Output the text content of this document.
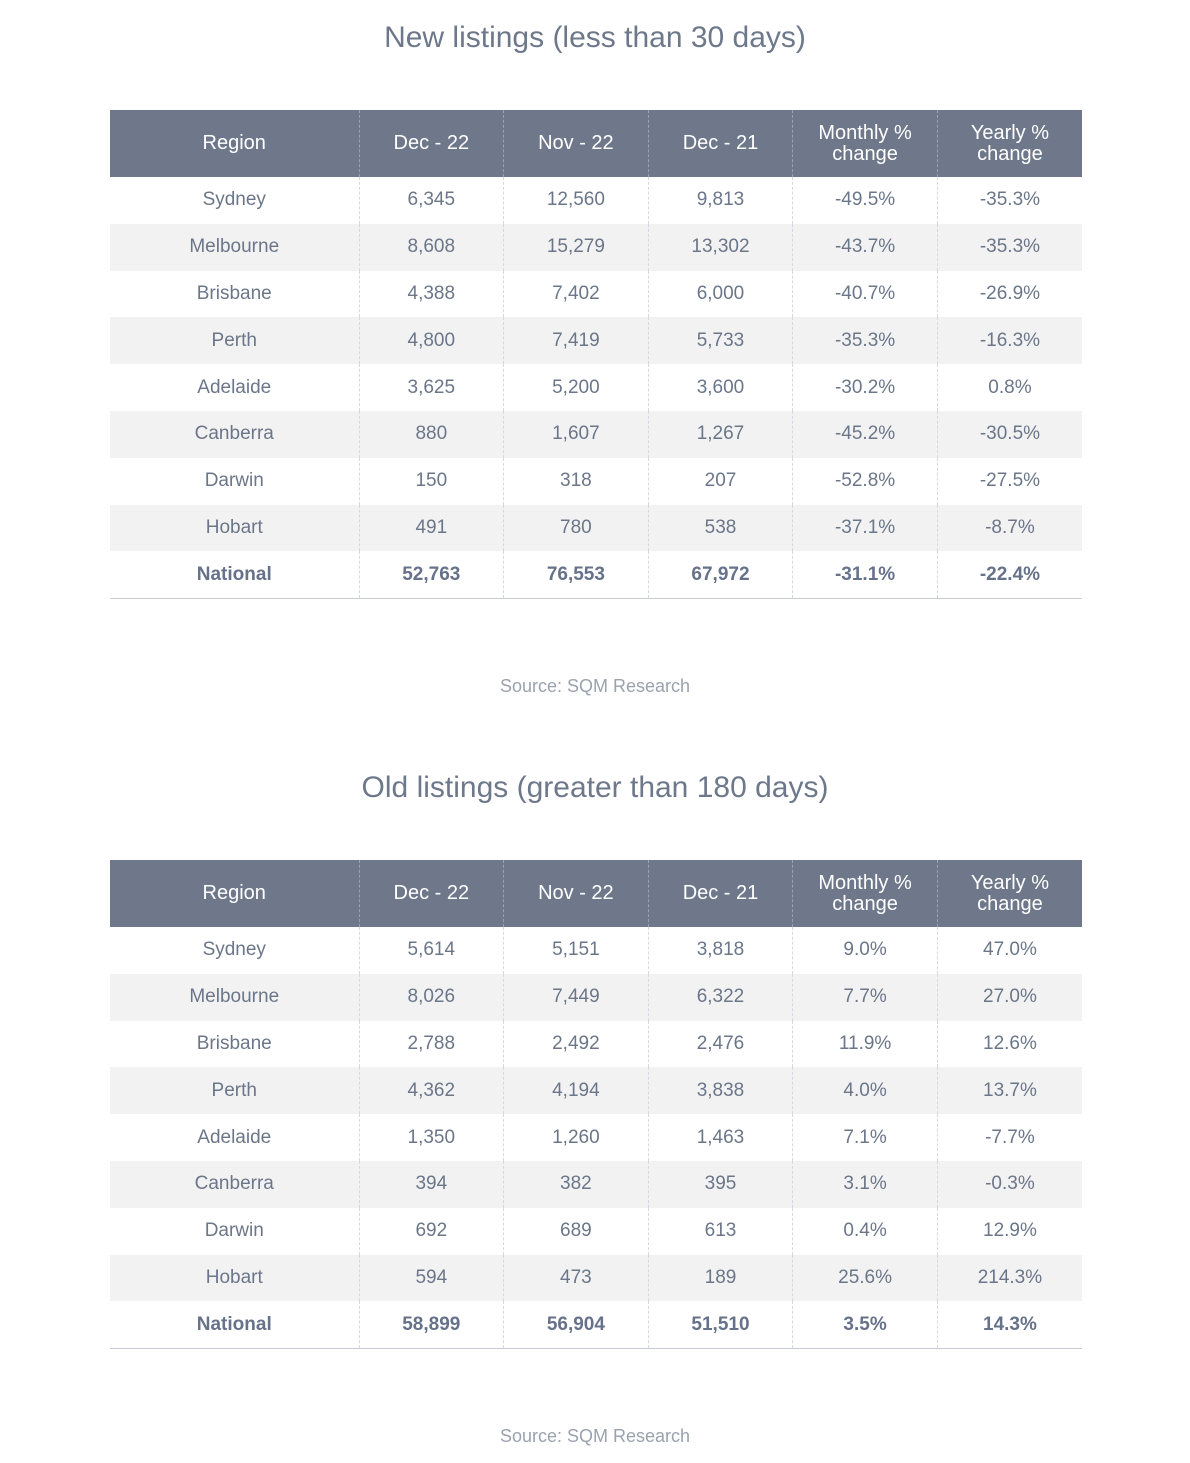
New listings (less than 30 days)
Region	Dec - 22	Nov - 22	Dec - 21	Monthly % change	Yearly % change
Sydney	6,345	12,560	9,813	-49.5%	-35.3%
Melbourne	8,608	15,279	13,302	-43.7%	-35.3%
Brisbane	4,388	7,402	6,000	-40.7%	-26.9%
Perth	4,800	7,419	5,733	-35.3%	-16.3%
Adelaide	3,625	5,200	3,600	-30.2%	0.8%
Canberra	880	1,607	1,267	-45.2%	-30.5%
Darwin	150	318	207	-52.8%	-27.5%
Hobart	491	780	538	-37.1%	-8.7%
National	52,763	76,553	67,972	-31.1%	-22.4%
Source: SQM Research
Old listings (greater than 180 days)
Region	Dec - 22	Nov - 22	Dec - 21	Monthly % change	Yearly % change
Sydney	5,614	5,151	3,818	9.0%	47.0%
Melbourne	8,026	7,449	6,322	7.7%	27.0%
Brisbane	2,788	2,492	2,476	11.9%	12.6%
Perth	4,362	4,194	3,838	4.0%	13.7%
Adelaide	1,350	1,260	1,463	7.1%	-7.7%
Canberra	394	382	395	3.1%	-0.3%
Darwin	692	689	613	0.4%	12.9%
Hobart	594	473	189	25.6%	214.3%
National	58,899	56,904	51,510	3.5%	14.3%
Source: SQM Research
